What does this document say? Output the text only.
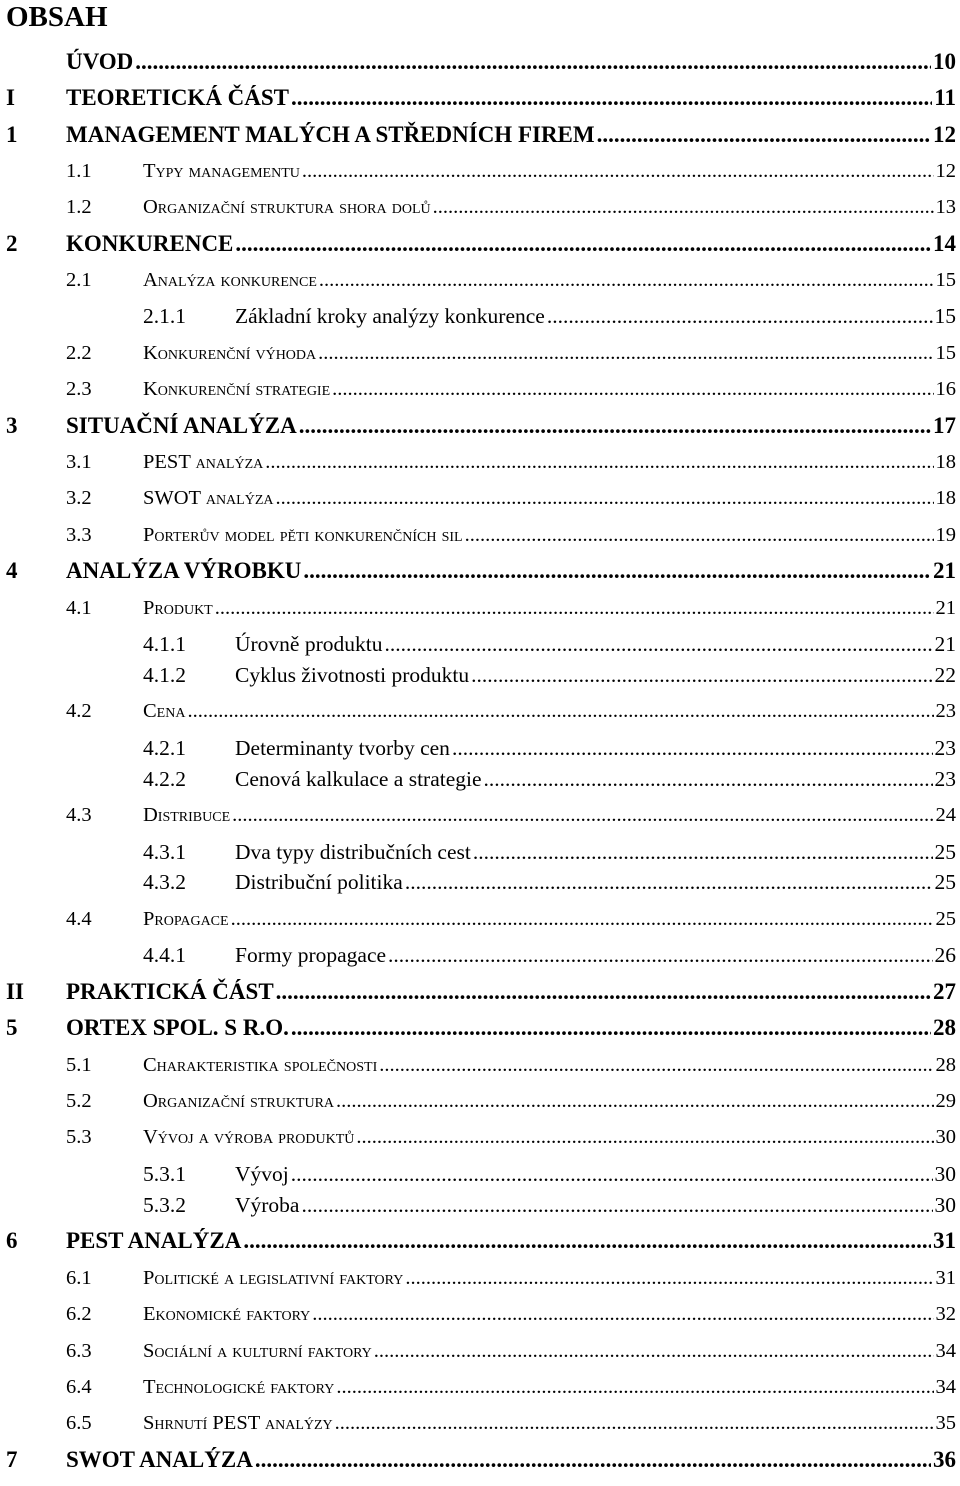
OBSAH
ÚVOD .....	10
I TEORETICKÁ ČÁST .....	11
1 MANAGEMENT MALÝCH A STŘEDNÍCH FIREM .....	12
1.1	Typy managementu .....	12
1.2	Organizační struktura shora dolů .....	13
2 KONKURENCE .....	14
2.1	Analýza konkurence .....	15
2.1.1 Základní kroky analýzy konkurence .....	15
2.2	Konkurenční výhoda .....	15
2.3	Konkurenční strategie .....	16
3 SITUAČNÍ ANALÝZA .....	17
3.1	PEST analýza .....	18
3.2	SWOT analýza .....	18
3.3	Porterův model pěti konkurenčních sil .....	19
4 ANALÝZA VÝROBKU .....	21
4.1	Produkt .....	21
4.1.1 Úrovně produktu .....	21
4.1.2 Cyklus životnosti produktu .....	22
4.2	Cena .....	23
4.2.1 Determinanty tvorby cen .....	23
4.2.2 Cenová kalkulace a strategie .....	23
4.3	Distribuce .....	24
4.3.1 Dva typy distribučních cest .....	25
4.3.2 Distribuční politika .....	25
4.4	Propagace .....	25
4.4.1 Formy propagace .....	26
II PRAKTICKÁ ČÁST .....	27
5 ORTEX SPOL. S R.O. .....	28
5.1	Charakteristika společnosti .....	28
5.2	Organizační struktura .....	29
5.3	Vývoj a výroba produktů .....	30
5.3.1 Vývoj .....	30
5.3.2 Výroba .....	30
6 PEST ANALÝZA .....	31
6.1	Politické a legislativní faktory .....	31
6.2	Ekonomické faktory .....	32
6.3	Sociální a kulturní faktory .....	34
6.4	Technologické faktory .....	34
6.5	Shrnutí PEST analýzy .....	35
7 SWOT ANALÝZA .....	36
